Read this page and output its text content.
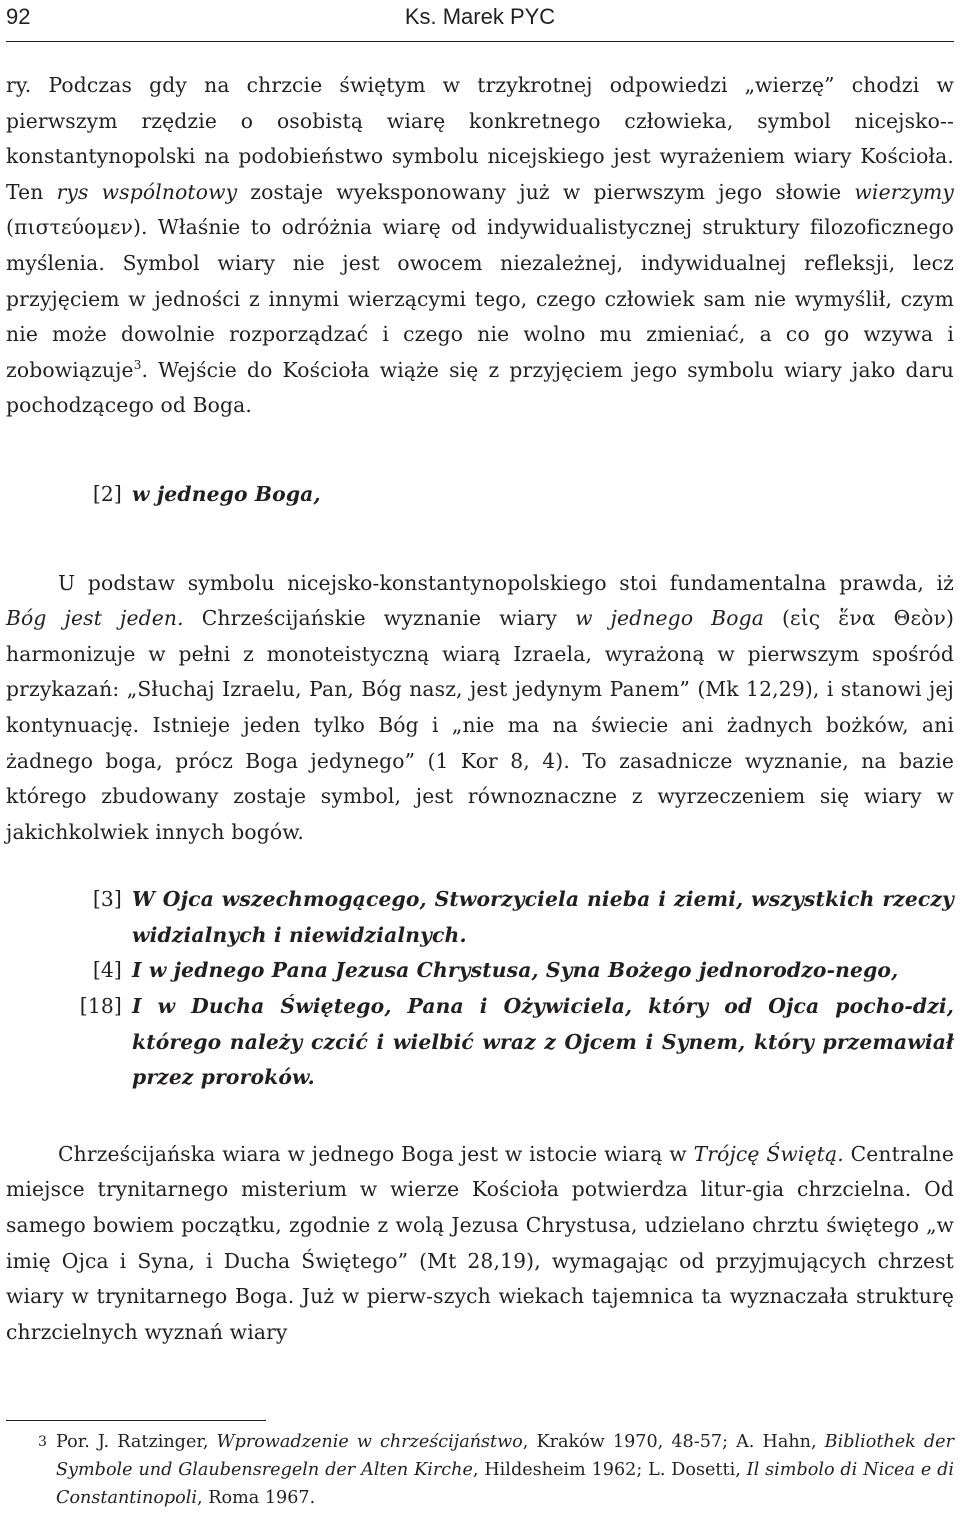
92	Ks. Marek PYC

ry. Podczas gdy na chrzcie świętym w trzykrotnej odpowiedzi „wierzę” chodzi w pierwszym rzędzie o osobistą wiarę konkretnego człowieka, symbol nicejsko--konstantynopolski na podobieństwo symbolu nicejskiego jest wyrażeniem wiary Kościoła. Ten rys wspólnotowy zostaje wyeksponowany już w pierwszym jego słowie wierzymy (πιστεύομεν). Właśnie to odróżnia wiarę od indywidualistycznej struktury filozoficznego myślenia. Symbol wiary nie jest owocem niezależnej, indywidualnej refleksji, lecz przyjęciem w jedności z innymi wierzącymi tego, czego człowiek sam nie wymyślił, czym nie może dowolnie rozporządzać i czego nie wolno mu zmieniać, a co go wzywa i zobowiązuje$^3$. Wejście do Kościoła wiąże się z przyjęciem jego symbolu wiary jako daru pochodzącego od Boga.

[2] w jednego Boga,

U podstaw symbolu nicejsko-konstantynopolskiego stoi fundamentalna prawda, iż Bóg jest jeden. Chrześcijańskie wyznanie wiary w jednego Boga (εἰς ἕνα Θεὸν) harmonizuje w pełni z monoteistyczną wiarą Izraela, wyrażoną w pierwszym spośród przykazań: „Słuchaj Izraelu, Pan, Bóg nasz, jest jedynym Panem” (Mk 12,29), i stanowi jej kontynuację. Istnieje jeden tylko Bóg i „nie ma na świecie ani żadnych bożków, ani żadnego boga, prócz Boga jedynego” (1 Kor 8, 4). To zasadnicze wyznanie, na bazie którego zbudowany zostaje symbol, jest równoznaczne z wyrzeczeniem się wiary w jakichkolwiek innych bogów.

[3] W Ojca wszechmogącego, Stworzyciela nieba i ziemi, wszystkich rzeczy widzialnych i niewidzialnych.

[4] I w jednego Pana Jezusa Chrystusa, Syna Bożego jednorodzo-nego,

[18] I w Ducha Świętego, Pana i Ożywiciela, który od Ojca pocho-dzi, którego należy czcić i wielbić wraz z Ojcem i Synem, który przemawiał przez proroków.

Chrześcijańska wiara w jednego Boga jest w istocie wiarą w Trójcę Świętą. Centralne miejsce trynitarnego misterium w wierze Kościoła potwierdza litur-gia chrzcielna. Od samego bowiem początku, zgodnie z wolą Jezusa Chrystusa, udzielano chrztu świętego „w imię Ojca i Syna, i Ducha Świętego” (Mt 28,19), wymagając od przyjmujących chrzest wiary w trynitarnego Boga. Już w pierw-szych wiekach tajemnica ta wyznaczała strukturę chrzcielnych wyznań wiary

3 Por. J. Ratzinger, Wprowadzenie w chrześcijaństwo, Kraków 1970, 48-57; A. Hahn, Bibliothek der Symbole und Glaubensregeln der Alten Kirche, Hildesheim 1962; L. Dosetti, Il simbolo di Nicea e di Constantinopoli, Roma 1967.
